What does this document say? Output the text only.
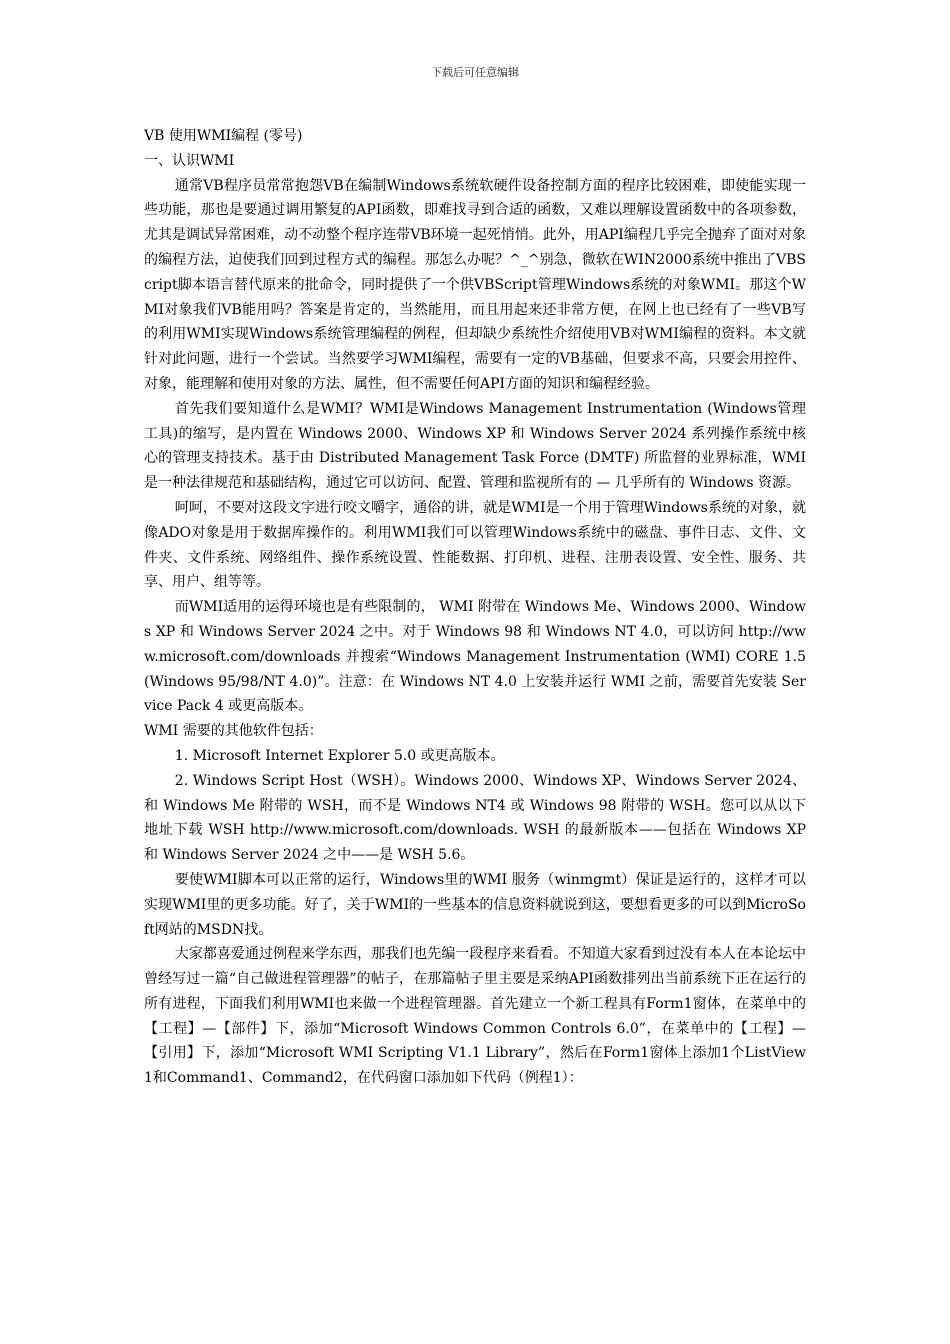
下载后可任意编辑

VB 使用WMI编程 (零号)

一、认识WMI

通常VB程序员常常抱怨VB在编制Windows系统软硬件设备控制方面的程序比较困难，即使能实现一些功能，那也是要通过调用繁复的API函数，即难找寻到合适的函数，又难以理解设置函数中的各项参数，尤其是调试异常困难，动不动整个程序连带VB环境一起死悄悄。此外，用API编程几乎完全抛弃了面对对象的编程方法，迫使我们回到过程方式的编程。那怎么办呢？^_^别急，微软在WIN2000系统中推出了VBScript脚本语言替代原来的批命令，同时提供了一个供VBScript管理Windows系统的对象WMI。那这个WMI对象我们VB能用吗？答案是肯定的，当然能用，而且用起来还非常方便，在网上也已经有了一些VB写的利用WMI实现Windows系统管理编程的例程，但却缺少系统性介绍使用VB对WMI编程的资料。本文就针对此问题，进行一个尝试。当然要学习WMI编程，需要有一定的VB基础，但要求不高，只要会用控件、对象，能理解和使用对象的方法、属性，但不需要任何API方面的知识和编程经验。

首先我们要知道什么是WMI？WMI是Windows Management Instrumentation (Windows管理工具)的缩写，是内置在 Windows 2000、Windows XP 和 Windows Server 2024 系列操作系统中核心的管理支持技术。基于由 Distributed Management Task Force (DMTF) 所监督的业界标准，WMI 是一种法律规范和基础结构，通过它可以访问、配置、管理和监视所有的 — 几乎所有的 Windows 资源。

呵呵，不要对这段文字进行咬文嚼字，通俗的讲，就是WMI是一个用于管理Windows系统的对象，就像ADO对象是用于数据库操作的。利用WMI我们可以管理Windows系统中的磁盘、事件日志、文件、文件夹、文件系统、网络组件、操作系统设置、性能数据、打印机、进程、注册表设置、安全性、服务、共享、用户、组等等。

而WMI适用的运得环境也是有些限制的， WMI 附带在 Windows Me、Windows 2000、Windows XP 和 Windows Server 2024 之中。对于 Windows 98 和 Windows NT 4.0，可以访问 http://www.microsoft.com/downloads 并搜索“Windows Management Instrumentation (WMI) CORE 1.5 (Windows 95/98/NT 4.0)”。注意：在 Windows NT 4.0 上安装并运行 WMI 之前，需要首先安装 Service Pack 4 或更高版本。

WMI 需要的其他软件包括：

1. Microsoft Internet Explorer 5.0 或更高版本。

2. Windows Script Host（WSH）。Windows 2000、Windows XP、Windows Server 2024、和 Windows Me 附带的 WSH，而不是 Windows NT4 或 Windows 98 附带的 WSH。您可以从以下地址下载 WSH http://www.microsoft.com/downloads. WSH 的最新版本——包括在 Windows XP 和 Windows Server 2024 之中——是 WSH 5.6。

要使WMI脚本可以正常的运行，Windows里的WMI 服务（winmgmt）保证是运行的，这样才可以实现WMI里的更多功能。好了，关于WMI的一些基本的信息资料就说到这，要想看更多的可以到MicroSoft网站的MSDN找。

大家都喜爱通过例程来学东西，那我们也先编一段程序来看看。不知道大家看到过没有本人在本论坛中曾经写过一篇“自己做进程管理器”的帖子，在那篇帖子里主要是采纳API函数排列出当前系统下正在运行的所有进程，下面我们利用WMI也来做一个进程管理器。首先建立一个新工程具有Form1窗体，在菜单中的【工程】—【部件】下，添加“Microsoft Windows Common Controls 6.0”，在菜单中的【工程】—【引用】下，添加“Microsoft WMI Scripting V1.1 Library”，然后在Form1窗体上添加1个ListView1和Command1、Command2，在代码窗口添加如下代码（例程1）：
